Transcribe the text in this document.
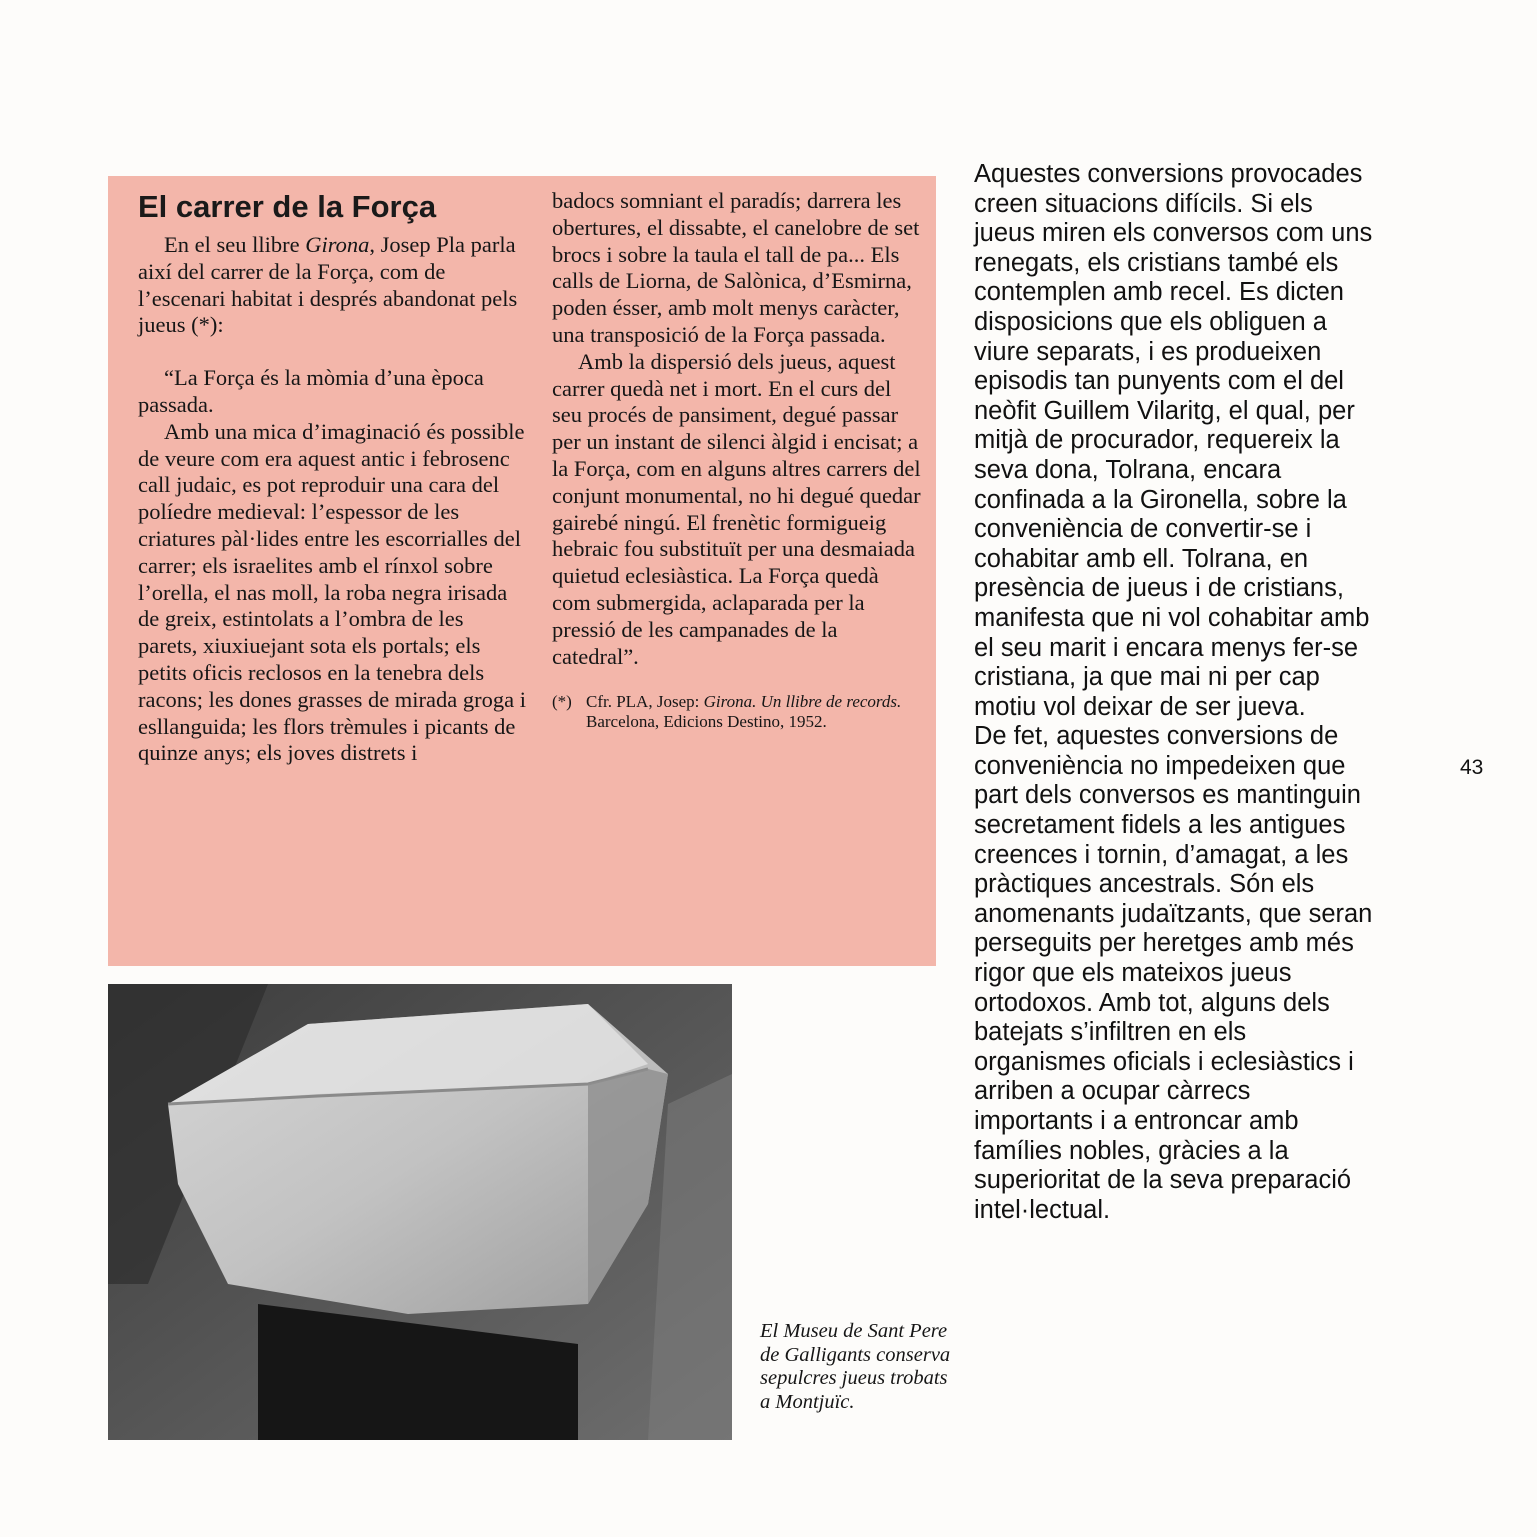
El carrer de la Força

En el seu llibre Girona, Josep Pla parla així del carrer de la Força, com de l’escenari habitat i després abandonat pels jueus (*):

“La Força és la mòmia d’una època passada.

Amb una mica d’imaginació és possible de veure com era aquest antic i febrosenc call judaic, es pot reproduir una cara del políedre medieval: l’espessor de les criatures pàl·lides entre les escorrialles del carrer; els israelites amb el rínxol sobre l’orella, el nas moll, la roba negra irisada de greix, estintolats a l’ombra de les parets, xiuxiuejant sota els portals; els petits oficis reclosos en la tenebra dels racons; les dones grasses de mirada groga i esllanguida; les flors trèmules i picants de quinze anys; els joves distrets i

badocs somniant el paradís; darrera les obertures, el dissabte, el canelobre de set brocs i sobre la taula el tall de pa... Els calls de Liorna, de Salònica, d’Esmirna, poden ésser, amb molt menys caràcter, una transposició de la Força passada.

Amb la dispersió dels jueus, aquest carrer quedà net i mort. En el curs del seu procés de pansiment, degué passar per un instant de silenci àlgid i encisat; a la Força, com en alguns altres carrers del conjunt monumental, no hi degué quedar gairebé ningú. El frenètic formigueig hebraic fou substituït per una desmaiada quietud eclesiàstica. La Força quedà com submergida, aclaparada per la pressió de les campanades de la catedral”.

(*) Cfr. PLA, Josep: Girona. Un llibre de records. Barcelona, Edicions Destino, 1952.

El Museu de Sant Pere de Galligants conserva sepulcres jueus trobats a Montjuïc.

Aquestes conversions provocades creen situacions difícils. Si els jueus miren els conversos com uns renegats, els cristians també els contemplen amb recel. Es dicten disposicions que els obliguen a viure separats, i es produeixen episodis tan punyents com el del neòfit Guillem Vilaritg, el qual, per mitjà de procurador, requereix la seva dona, Tolrana, encara confinada a la Gironella, sobre la conveniència de convertir-se i cohabitar amb ell. Tolrana, en presència de jueus i de cristians, manifesta que ni vol cohabitar amb el seu marit i encara menys fer-se cristiana, ja que mai ni per cap motiu vol deixar de ser jueva.

De fet, aquestes conversions de conveniència no impedeixen que part dels conversos es mantinguin secretament fidels a les antigues creences i tornin, d’amagat, a les pràctiques ancestrals. Són els anomenants judaïtzants, que seran perseguits per heretges amb més rigor que els mateixos jueus ortodoxos. Amb tot, alguns dels batejats s’infiltren en els organismes oficials i eclesiàstics i arriben a ocupar càrrecs importants i a entroncar amb famílies nobles, gràcies a la superioritat de la seva preparació intel·lectual.

43
